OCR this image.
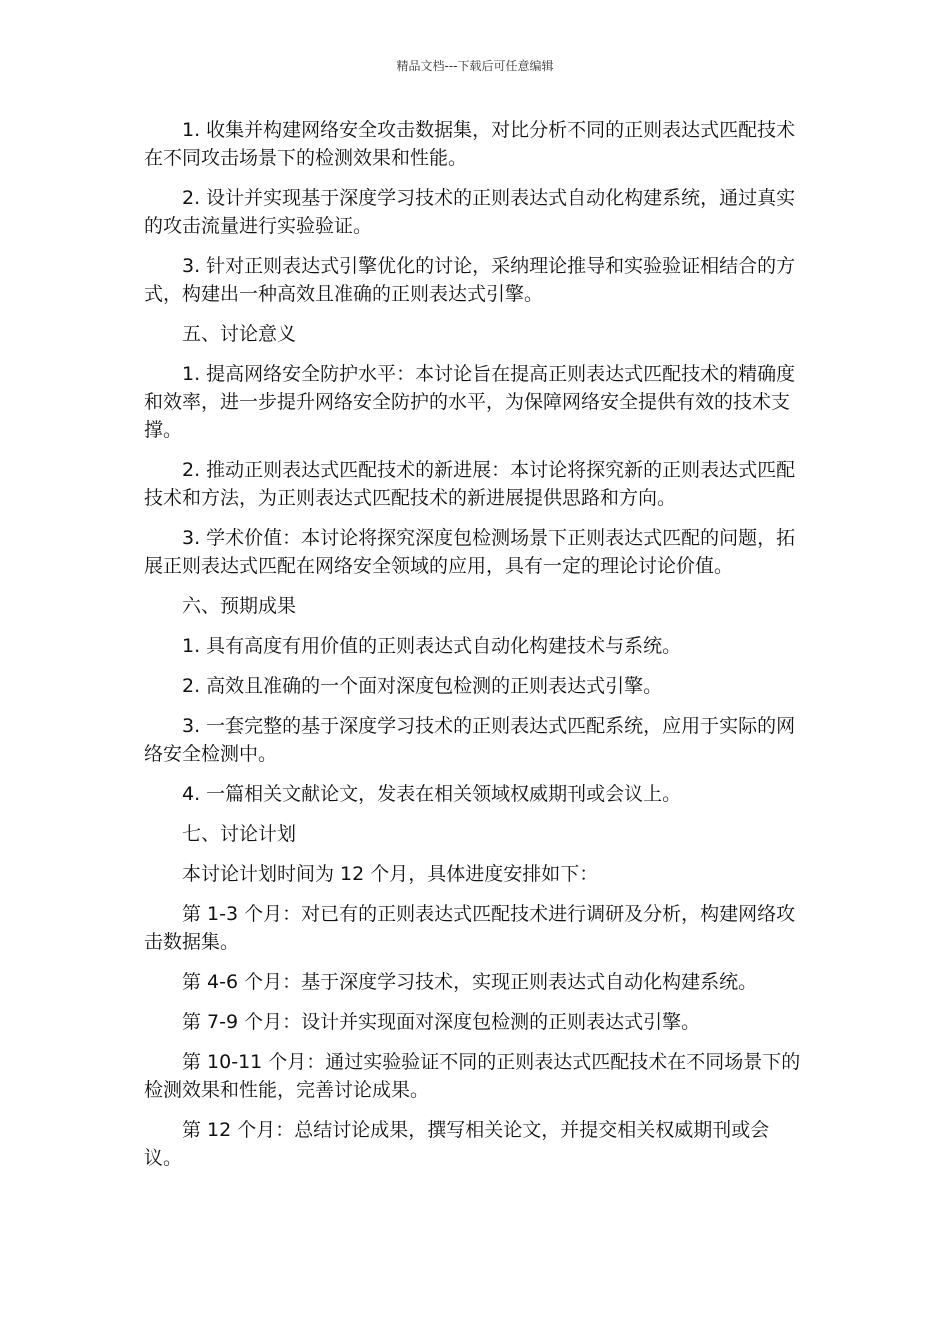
精品文档---下载后可任意编辑

1. 收集并构建网络安全攻击数据集，对比分析不同的正则表达式匹配技术在不同攻击场景下的检测效果和性能。

2. 设计并实现基于深度学习技术的正则表达式自动化构建系统，通过真实的攻击流量进行实验验证。

3. 针对正则表达式引擎优化的讨论，采纳理论推导和实验验证相结合的方式，构建出一种高效且准确的正则表达式引擎。

五、讨论意义

1. 提高网络安全防护水平：本讨论旨在提高正则表达式匹配技术的精确度和效率，进一步提升网络安全防护的水平，为保障网络安全提供有效的技术支撑。

2. 推动正则表达式匹配技术的新进展：本讨论将探究新的正则表达式匹配技术和方法，为正则表达式匹配技术的新进展提供思路和方向。

3. 学术价值：本讨论将探究深度包检测场景下正则表达式匹配的问题，拓展正则表达式匹配在网络安全领域的应用，具有一定的理论讨论价值。

六、预期成果

1. 具有高度有用价值的正则表达式自动化构建技术与系统。

2. 高效且准确的一个面对深度包检测的正则表达式引擎。

3. 一套完整的基于深度学习技术的正则表达式匹配系统，应用于实际的网络安全检测中。

4. 一篇相关文献论文，发表在相关领域权威期刊或会议上。

七、讨论计划

本讨论计划时间为 12 个月，具体进度安排如下：

第 1-3 个月：对已有的正则表达式匹配技术进行调研及分析，构建网络攻击数据集。

第 4-6 个月：基于深度学习技术，实现正则表达式自动化构建系统。

第 7-9 个月：设计并实现面对深度包检测的正则表达式引擎。

第 10-11 个月：通过实验验证不同的正则表达式匹配技术在不同场景下的检测效果和性能，完善讨论成果。

第 12 个月：总结讨论成果，撰写相关论文，并提交相关权威期刊或会议。
